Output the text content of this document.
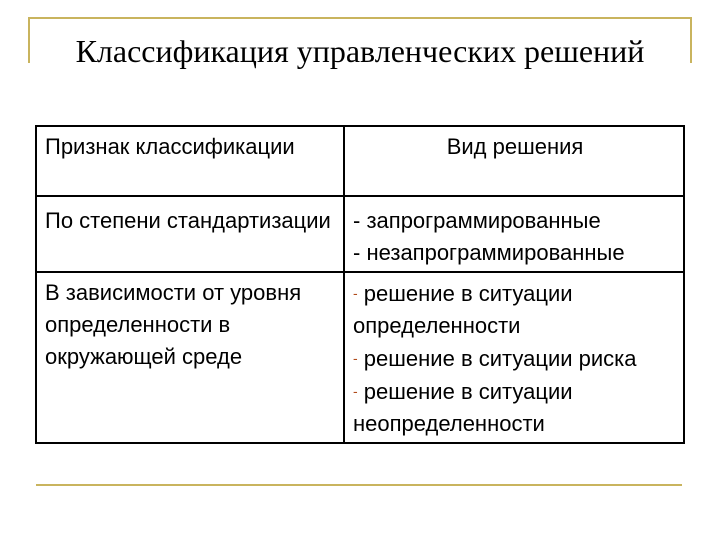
Классификация управленческих решений
Признак классификации	Вид решения
По степени стандартизации	- запрограммированные
- незапрограммированные

В зависимости от уровня определенности в окружающей среде	- решение в ситуации определенности
- решение в ситуации риска
- решение в ситуации неопределенности
